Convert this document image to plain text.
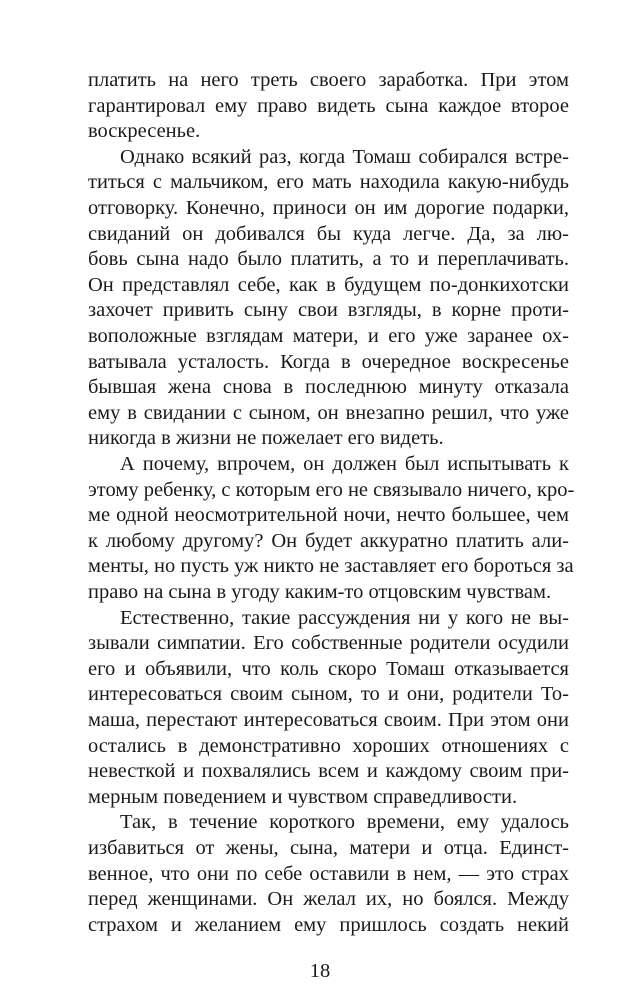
платить на него треть своего заработка. При этом
гарантировал ему право видеть сына каждое второе
воскресенье.
Однако всякий раз, когда Томаш собирался встре-
титься с мальчиком, его мать находила какую-нибудь
отговорку. Конечно, приноси он им дорогие подарки,
свиданий он добивался бы куда легче. Да, за лю-
бовь сына надо было платить, а то и переплачивать.
Он представлял себе, как в будущем по-донкихотски
захочет привить сыну свои взгляды, в корне проти-
воположные взглядам матери, и его уже заранее ох-
ватывала усталость. Когда в очередное воскресенье
бывшая жена снова в последнюю минуту отказала
ему в свидании с сыном, он внезапно решил, что уже
никогда в жизни не пожелает его видеть.
А почему, впрочем, он должен был испытывать к
этому ребенку, с которым его не связывало ничего, кро-
ме одной неосмотрительной ночи, нечто большее, чем
к любому другому? Он будет аккуратно платить али-
менты, но пусть уж никто не заставляет его бороться за
право на сына в угоду каким-то отцовским чувствам.
Естественно, такие рассуждения ни у кого не вы-
зывали симпатии. Его собственные родители осудили
его и объявили, что коль скоро Томаш отказывается
интересоваться своим сыном, то и они, родители То-
маша, перестают интересоваться своим. При этом они
остались в демонстративно хороших отношениях с
невесткой и похвалялись всем и каждому своим при-
мерным поведением и чувством справедливости.
Так, в течение короткого времени, ему удалось
избавиться от жены, сына, матери и отца. Единст-
венное, что они по себе оставили в нем, — это страх
перед женщинами. Он желал их, но боялся. Между
страхом и желанием ему пришлось создать некий
18
